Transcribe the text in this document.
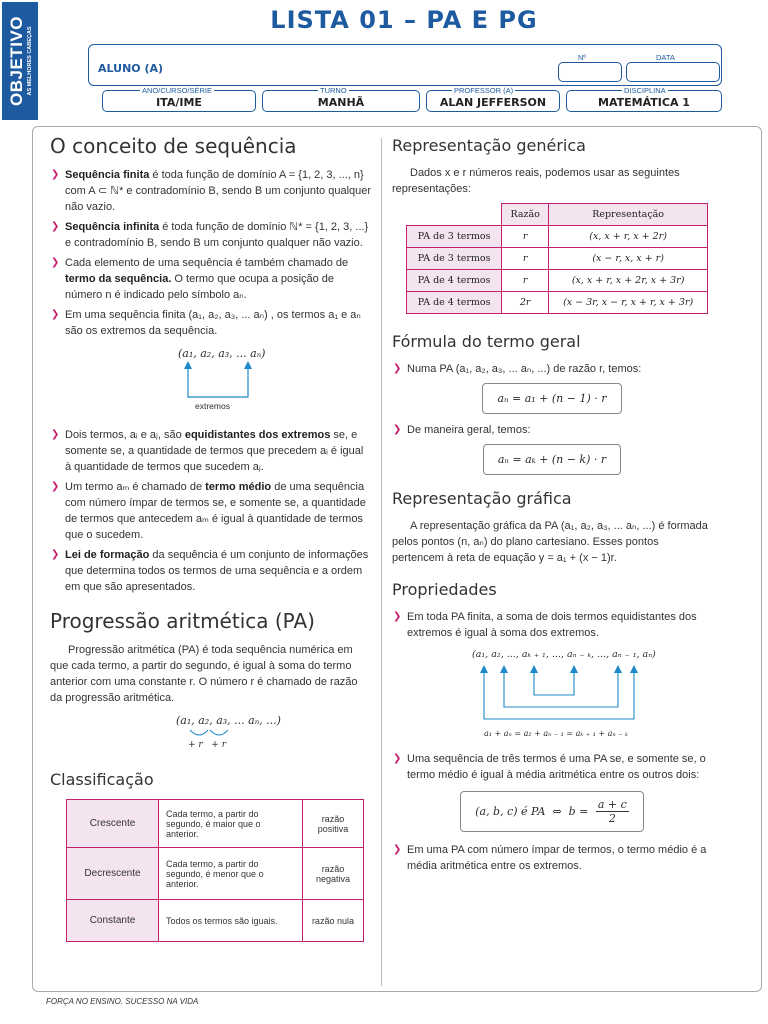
OBJETIVO AS MELHORES CABEÇAS
LISTA 01 – PA E PG
ALUNO (A)
Nº	DATA
ANO/CURSO/SÉRIE
ITA/IME
TURNO
MANHÃ
PROFESSOR (A)
ALAN JEFFERSON
DISCIPLINA
MATEMÁTICA 1
O conceito de sequência
❯ Sequência finita é toda função de domínio A = {1, 2, 3, ..., n} com A ⊂ ℕ* e contradomínio B, sendo B um conjunto qualquer não vazio.
❯ Sequência infinita é toda função de domínio ℕ* = {1, 2, 3, ...} e contradomínio B, sendo B um conjunto qualquer não vazio.
❯ Cada elemento de uma sequência é também chamado de termo da sequência. O termo que ocupa a posição de número n é indicado pelo símbolo aₙ.
❯ Em uma sequência finita (a₁, a₂, a₃, ... aₙ) , os termos a₁ e aₙ são os extremos da sequência.
(a₁, a₂, a₃, ... aₙ)
extremos
❯ Dois termos, aᵢ e aⱼ, são equidistantes dos extremos se, e somente se, a quantidade de termos que precedem aᵢ é igual à quantidade de termos que sucedem aⱼ.
❯ Um termo aₘ é chamado de termo médio de uma sequência com número ímpar de termos se, e somente se, a quantidade de termos que antecedem aₘ é igual à quantidade de termos que o sucedem.
❯ Lei de formação da sequência é um conjunto de informações que determina todos os termos de uma sequência e a ordem em que são apresentados.
Progressão aritmética (PA)

Progressão aritmética (PA) é toda sequência numérica em que cada termo, a partir do segundo, é igual à soma do termo anterior com uma constante r. O número r é chamado de razão da progressão aritmética.

(a₁, a₂, a₃, ... aₙ, ...)
+ r   + r
Classificação
Crescente	Cada termo, a partir do segundo, é maior que o anterior.	razão positiva
Decrescente	Cada termo, a partir do segundo, é menor que o anterior.	razão negativa
Constante	Todos os termos são iguais.	razão nula
Representação genérica

Dados x e r números reais, podemos usar as seguintes representações:

	Razão	Representação
PA de 3 termos	r	(x, x + r, x + 2r)
PA de 3 termos	r	(x − r, x, x + r)
PA de 4 termos	r	(x, x + r, x + 2r, x + 3r)
PA de 4 termos	2r	(x − 3r, x − r, x + r, x + 3r)
Fórmula do termo geral
❯ Numa PA (a₁, a₂, a₃, ... aₙ, ...) de razão r, temos:
aₙ = a₁ + (n − 1) · r
❯ De maneira geral, temos:
aₙ = aₖ + (n − k) · r
Representação gráfica

A representação gráfica da PA (a₁, a₂, a₃, ... aₙ, ...) é formada pelos pontos (n, aₙ) do plano cartesiano. Esses pontos pertencem à reta de equação y = a₁ + (x − 1)r.

Propriedades
❯ Em toda PA finita, a soma de dois termos equidistantes dos extremos é igual à soma dos extremos.
(a₁, a₂, ..., aₖ ₊ ₁, ..., aₙ ₋ ₖ, ..., aₙ ₋ ₁, aₙ)
a₁ + aₙ = a₂ + aₙ ₋ ₁ = aₖ ₊ ₁ + aₙ ₋ ₖ
❯ Uma sequência de três termos é uma PA se, e somente se, o termo médio é igual à média aritmética entre os outros dois:
(a, b, c) é PA  ⇔  $b = \frac{a + c}{2}$
❯ Em uma PA com número ímpar de termos, o termo médio é a média aritmética entre os extremos.
FORÇA NO ENSINO. SUCESSO NA VIDA
